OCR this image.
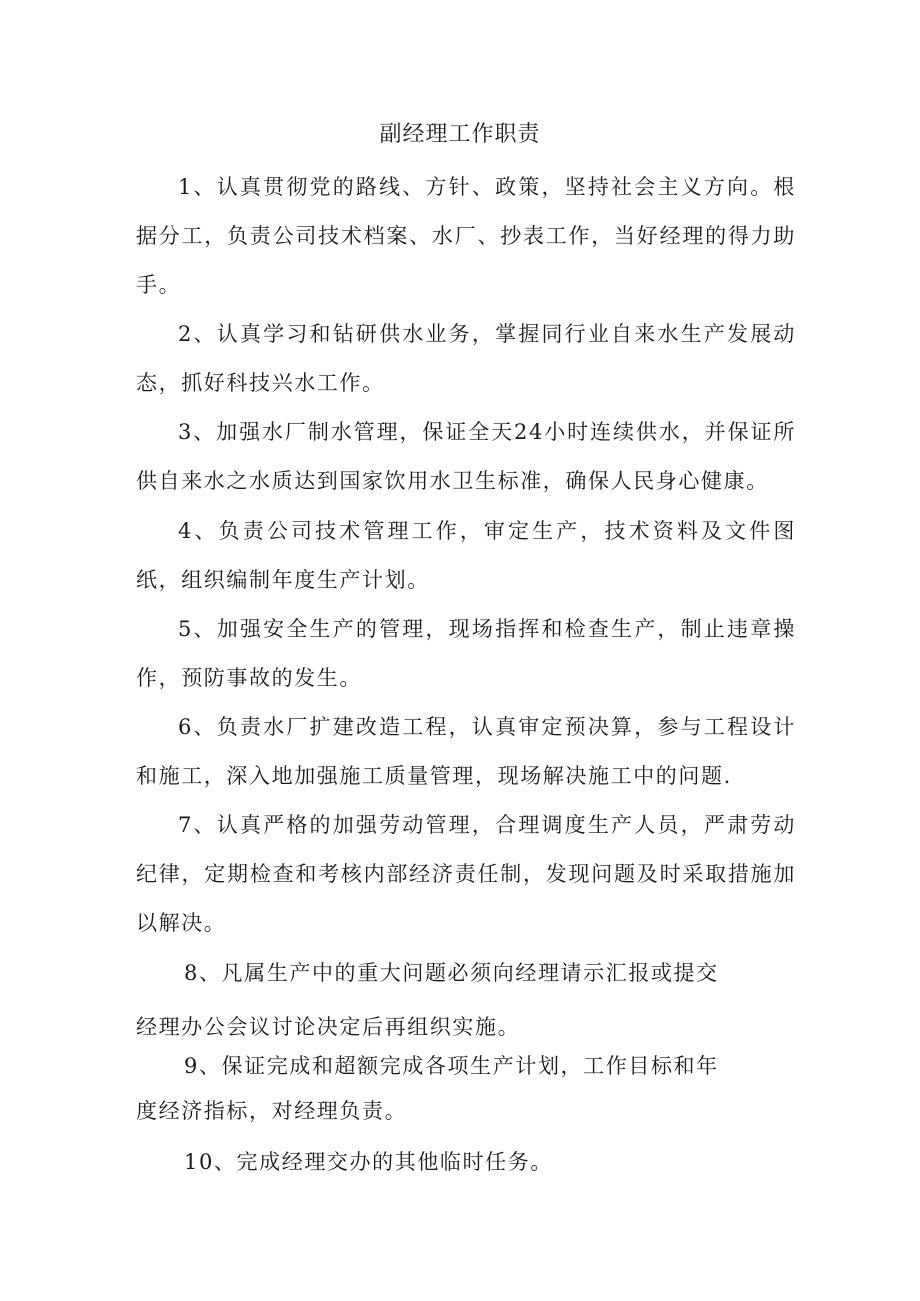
副经理工作职责
1、认真贯彻党的路线、方针、政策，坚持社会主义方向。根据分工，负责公司技术档案、水厂、抄表工作，当好经理的得力助手。
2、认真学习和钻研供水业务，掌握同行业自来水生产发展动态，抓好科技兴水工作。
3、加强水厂制水管理，保证全天24小时连续供水，并保证所供自来水之水质达到国家饮用水卫生标准，确保人民身心健康。
4、负责公司技术管理工作，审定生产，技术资料及文件图纸，组织编制年度生产计划。
5、加强安全生产的管理，现场指挥和检查生产，制止违章操作，预防事故的发生。
6、负责水厂扩建改造工程，认真审定预决算，参与工程设计和施工，深入地加强施工质量管理，现场解决施工中的问题.
7、认真严格的加强劳动管理，合理调度生产人员，严肃劳动纪律，定期检查和考核内部经济责任制，发现问题及时采取措施加以解决。
8、凡属生产中的重大问题必须向经理请示汇报或提交
经理办公会议讨论决定后再组织实施。
9、保证完成和超额完成各项生产计划，工作目标和年
度经济指标，对经理负责。
10、完成经理交办的其他临时任务。
